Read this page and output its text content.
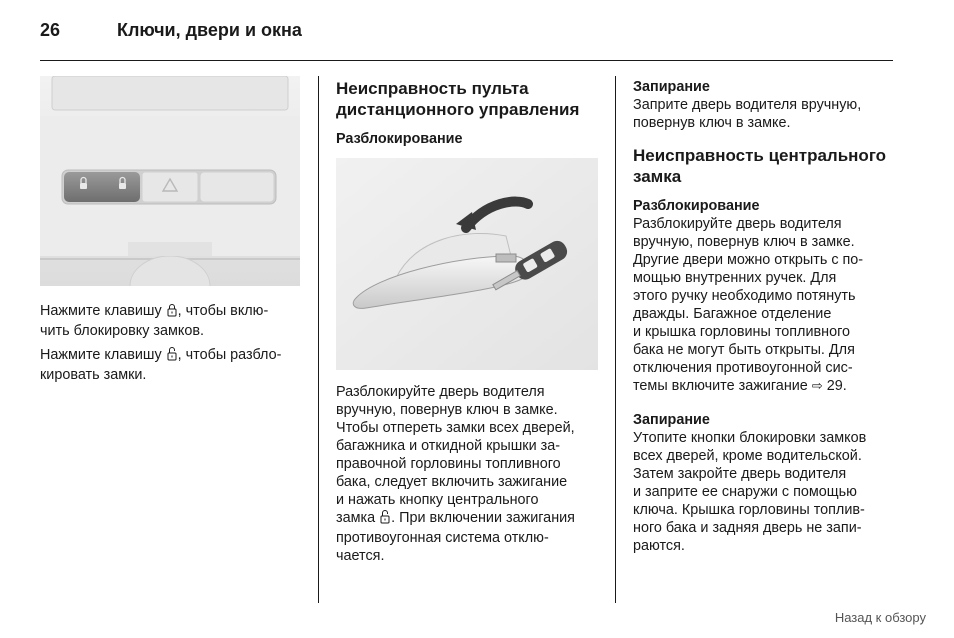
26	Ключи, двери и окна

Нажмите клавишу , чтобы вклю-
чить блокировку замков.

Нажмите клавишу , чтобы разбло-
кировать замки.

Неисправность пульта
дистанционного управления
Разблокирование

Разблокируйте дверь водителя
вручную, повернув ключ в замке.
Чтобы отпереть замки всех дверей,
багажника и откидной крышки за-
правочной горловины топливного
бака, следует включить зажигание
и нажать кнопку центрального
замка . При включении зажигания
противоугонная система отклю-
чается.

Запирание

Заприте дверь водителя вручную,
повернув ключ в замке.

Неисправность центрального
замка
Разблокирование

Разблокируйте дверь водителя
вручную, повернув ключ в замке.
Другие двери можно открыть с по-
мощью внутренних ручек. Для
этого ручку необходимо потянуть
дважды. Багажное отделение
и крышка горловины топливного
бака не могут быть открыты. Для
отключения противоугонной сис-
темы включите зажигание ⇨ 29.

Запирание

Утопите кнопки блокировки замков
всех дверей, кроме водительской.
Затем закройте дверь водителя
и заприте ее снаружи с помощью
ключа. Крышка горловины топлив-
ного бака и задняя дверь не запи-
раются.

Назад к обзору
